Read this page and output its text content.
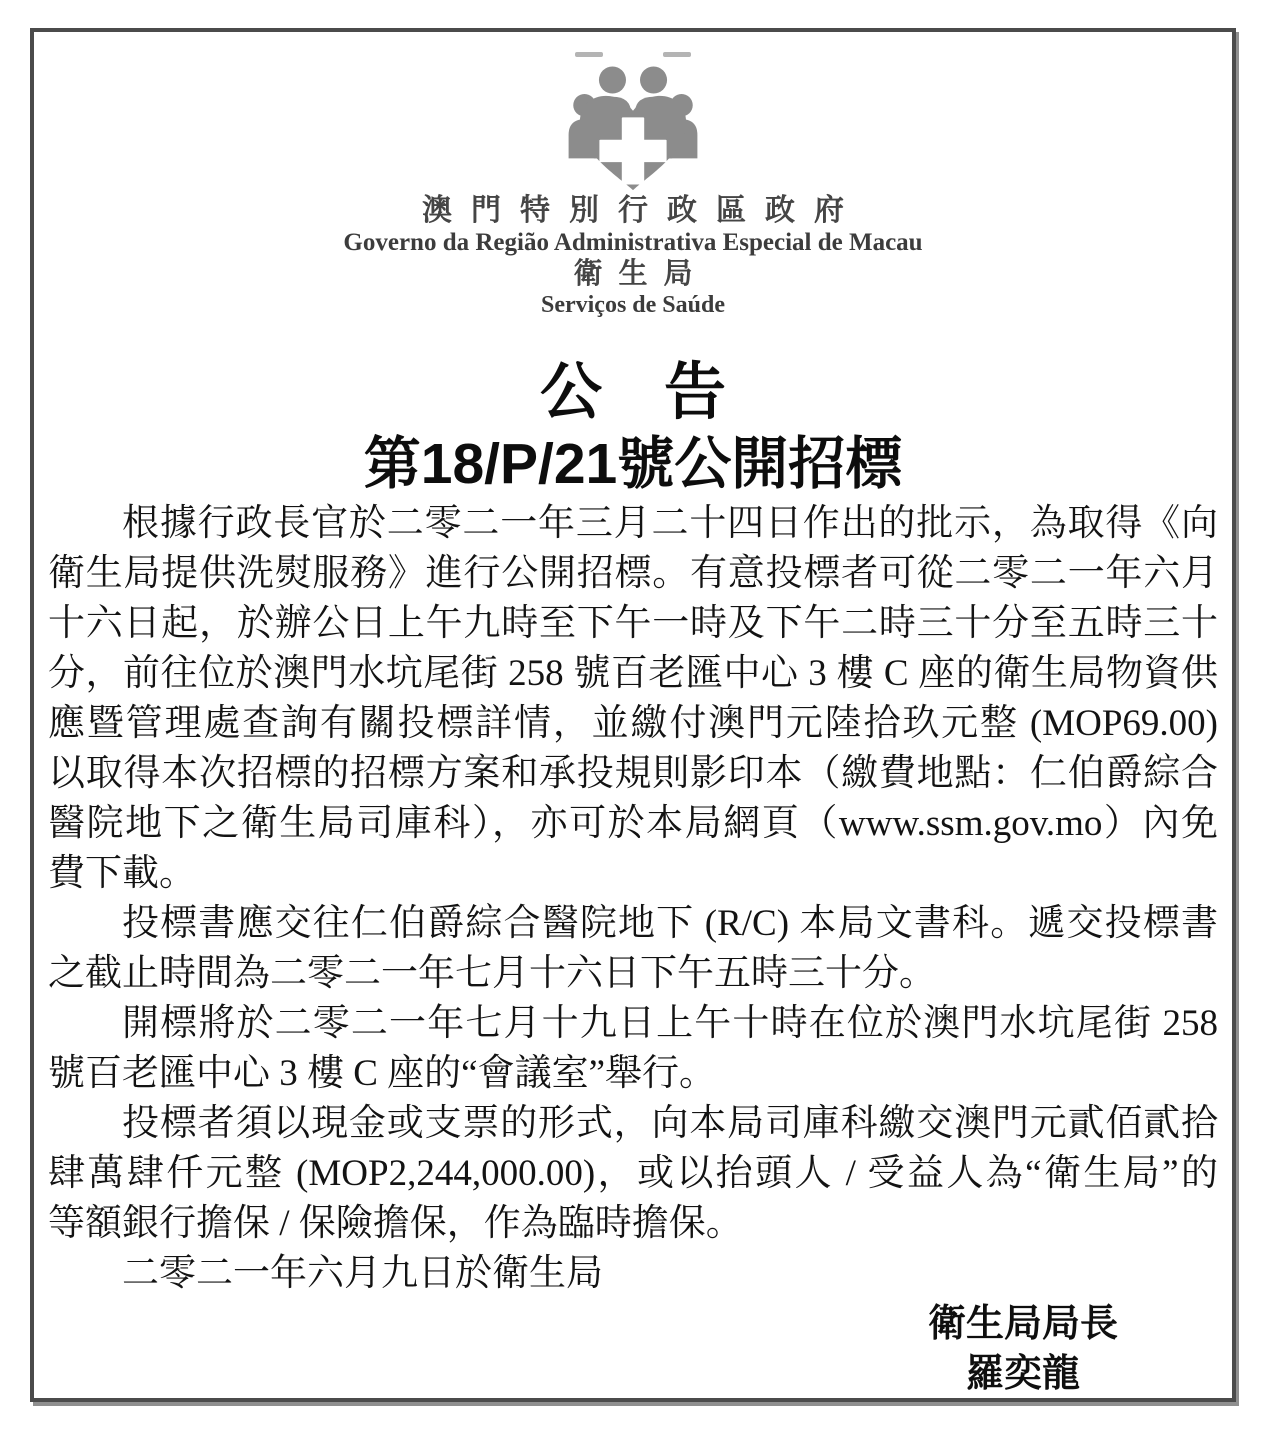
澳門特別行政區政府
Governo da Região Administrativa Especial de Macau
衛生局
Serviços de Saúde
公　告
第18/P/21號公開招標
根據行政長官於二零二一年三月二十四日作出的批示，為取得《向
衛生局提供洗熨服務》進行公開招標。有意投標者可從二零二一年六月
十六日起，於辦公日上午九時至下午一時及下午二時三十分至五時三十
分，前往位於澳門水坑尾街 258 號百老匯中心 3 樓 C 座的衛生局物資供
應暨管理處查詢有關投標詳情，並繳付澳門元陸拾玖元整 (MOP69.00)
以取得本次招標的招標方案和承投規則影印本（繳費地點：仁伯爵綜合
醫院地下之衛生局司庫科），亦可於本局網頁（www.ssm.gov.mo）內免
費下載。
投標書應交往仁伯爵綜合醫院地下 (R/C) 本局文書科。遞交投標書
之截止時間為二零二一年七月十六日下午五時三十分。
開標將於二零二一年七月十九日上午十時在位於澳門水坑尾街 258
號百老匯中心 3 樓 C 座的“會議室”舉行。
投標者須以現金或支票的形式，向本局司庫科繳交澳門元貳佰貳拾
肆萬肆仟元整 (MOP2,244,000.00)，或以抬頭人 / 受益人為“衛生局”的
等額銀行擔保 / 保險擔保，作為臨時擔保。
二零二一年六月九日於衛生局
衛生局局長
羅奕龍
